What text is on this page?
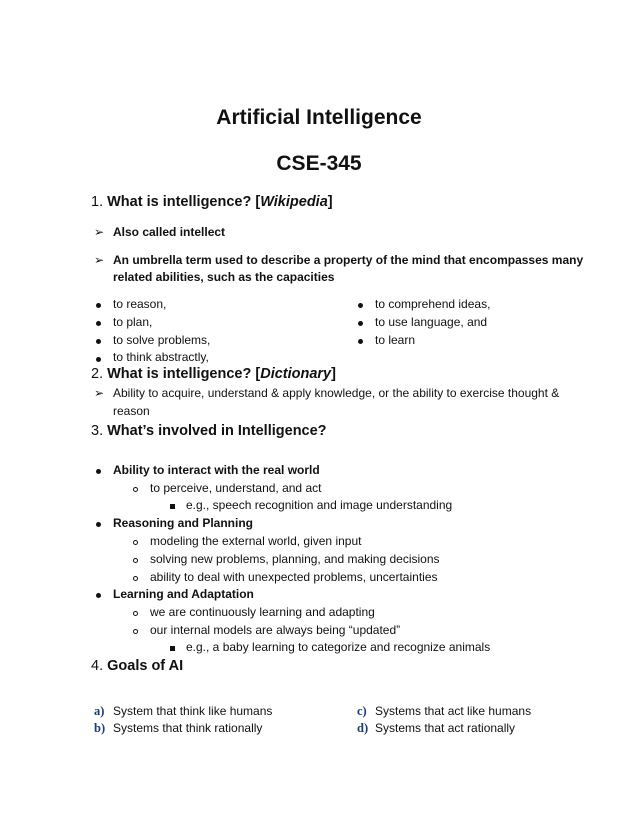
Artificial Intelligence
CSE-345
1. What is intelligence? [Wikipedia]
➢ Also called intellect
➢ An umbrella term used to describe a property of the mind that encompasses many
related abilities, such as the capacities
to reason,
to plan,
to solve problems,
to think abstractly,
to comprehend ideas,
to use language, and
to learn
2. What is intelligence? [Dictionary]
➢ Ability to acquire, understand & apply knowledge, or the ability to exercise thought &
reason
3. What’s involved in Intelligence?
Ability to interact with the real world
to perceive, understand, and act
e.g., speech recognition and image understanding
Reasoning and Planning
modeling the external world, given input
solving new problems, planning, and making decisions
ability to deal with unexpected problems, uncertainties
Learning and Adaptation
we are continuously learning and adapting
our internal models are always being “updated”
e.g., a baby learning to categorize and recognize animals
4. Goals of AI
a) System that think like humans
b) Systems that think rationally
c) Systems that act like humans
d) Systems that act rationally
